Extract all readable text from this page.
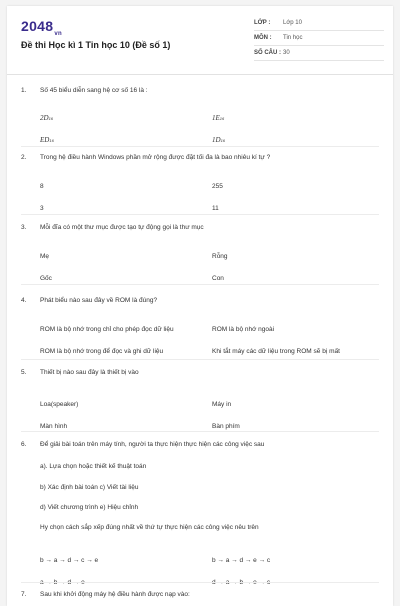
$2048_{vn}$
Đề thi Học kì 1 Tin học 10 (Đề số 1)
LỚP :	Lớp 10
MÔN :	Tin học
SỐ CÂU : 30
1.	Số 45 biểu diễn sang hệ cơ số 16 là :
2D16	1E16
ED16	1D16
2.	Trong hệ điều hành Windows phần mở rộng được đặt tối đa là bao nhiêu kí tự ?
8	255
3	11
3.	Mỗi đĩa có một thư mục được tạo tự động gọi là thư mục
Mẹ	Rỗng
Gốc	Con
4.	Phát biểu nào sau đây về ROM là đúng?
ROM là bộ nhớ trong chỉ cho phép đọc dữ liệu	ROM là bộ nhớ ngoài
ROM là bộ nhớ trong để đọc và ghi dữ liệu	Khi tắt máy các dữ liệu trong ROM sẽ bị mất
5.	Thiết bị nào sau đây là thiết bị vào
Loa(speaker)	Máy in
Màn hình	Bàn phím
6.	Để giải bài toán trên máy tính, người ta thực hiện thực hiện các công việc sau
a). Lựa chọn hoặc thiết kế thuật toán
b) Xác định bài toán c) Viết tài liệu
d) Viết chương trình e) Hiệu chỉnh
Hy chọn cách sắp xếp đúng nhất về thứ tự thực hiện các công việc nêu trên
b → a → d → c → e	b → a → d → e → c
a → b → d → e	d → a → b → e → c
7.	Sau khi khởi động máy hệ điều hành được nạp vào:
